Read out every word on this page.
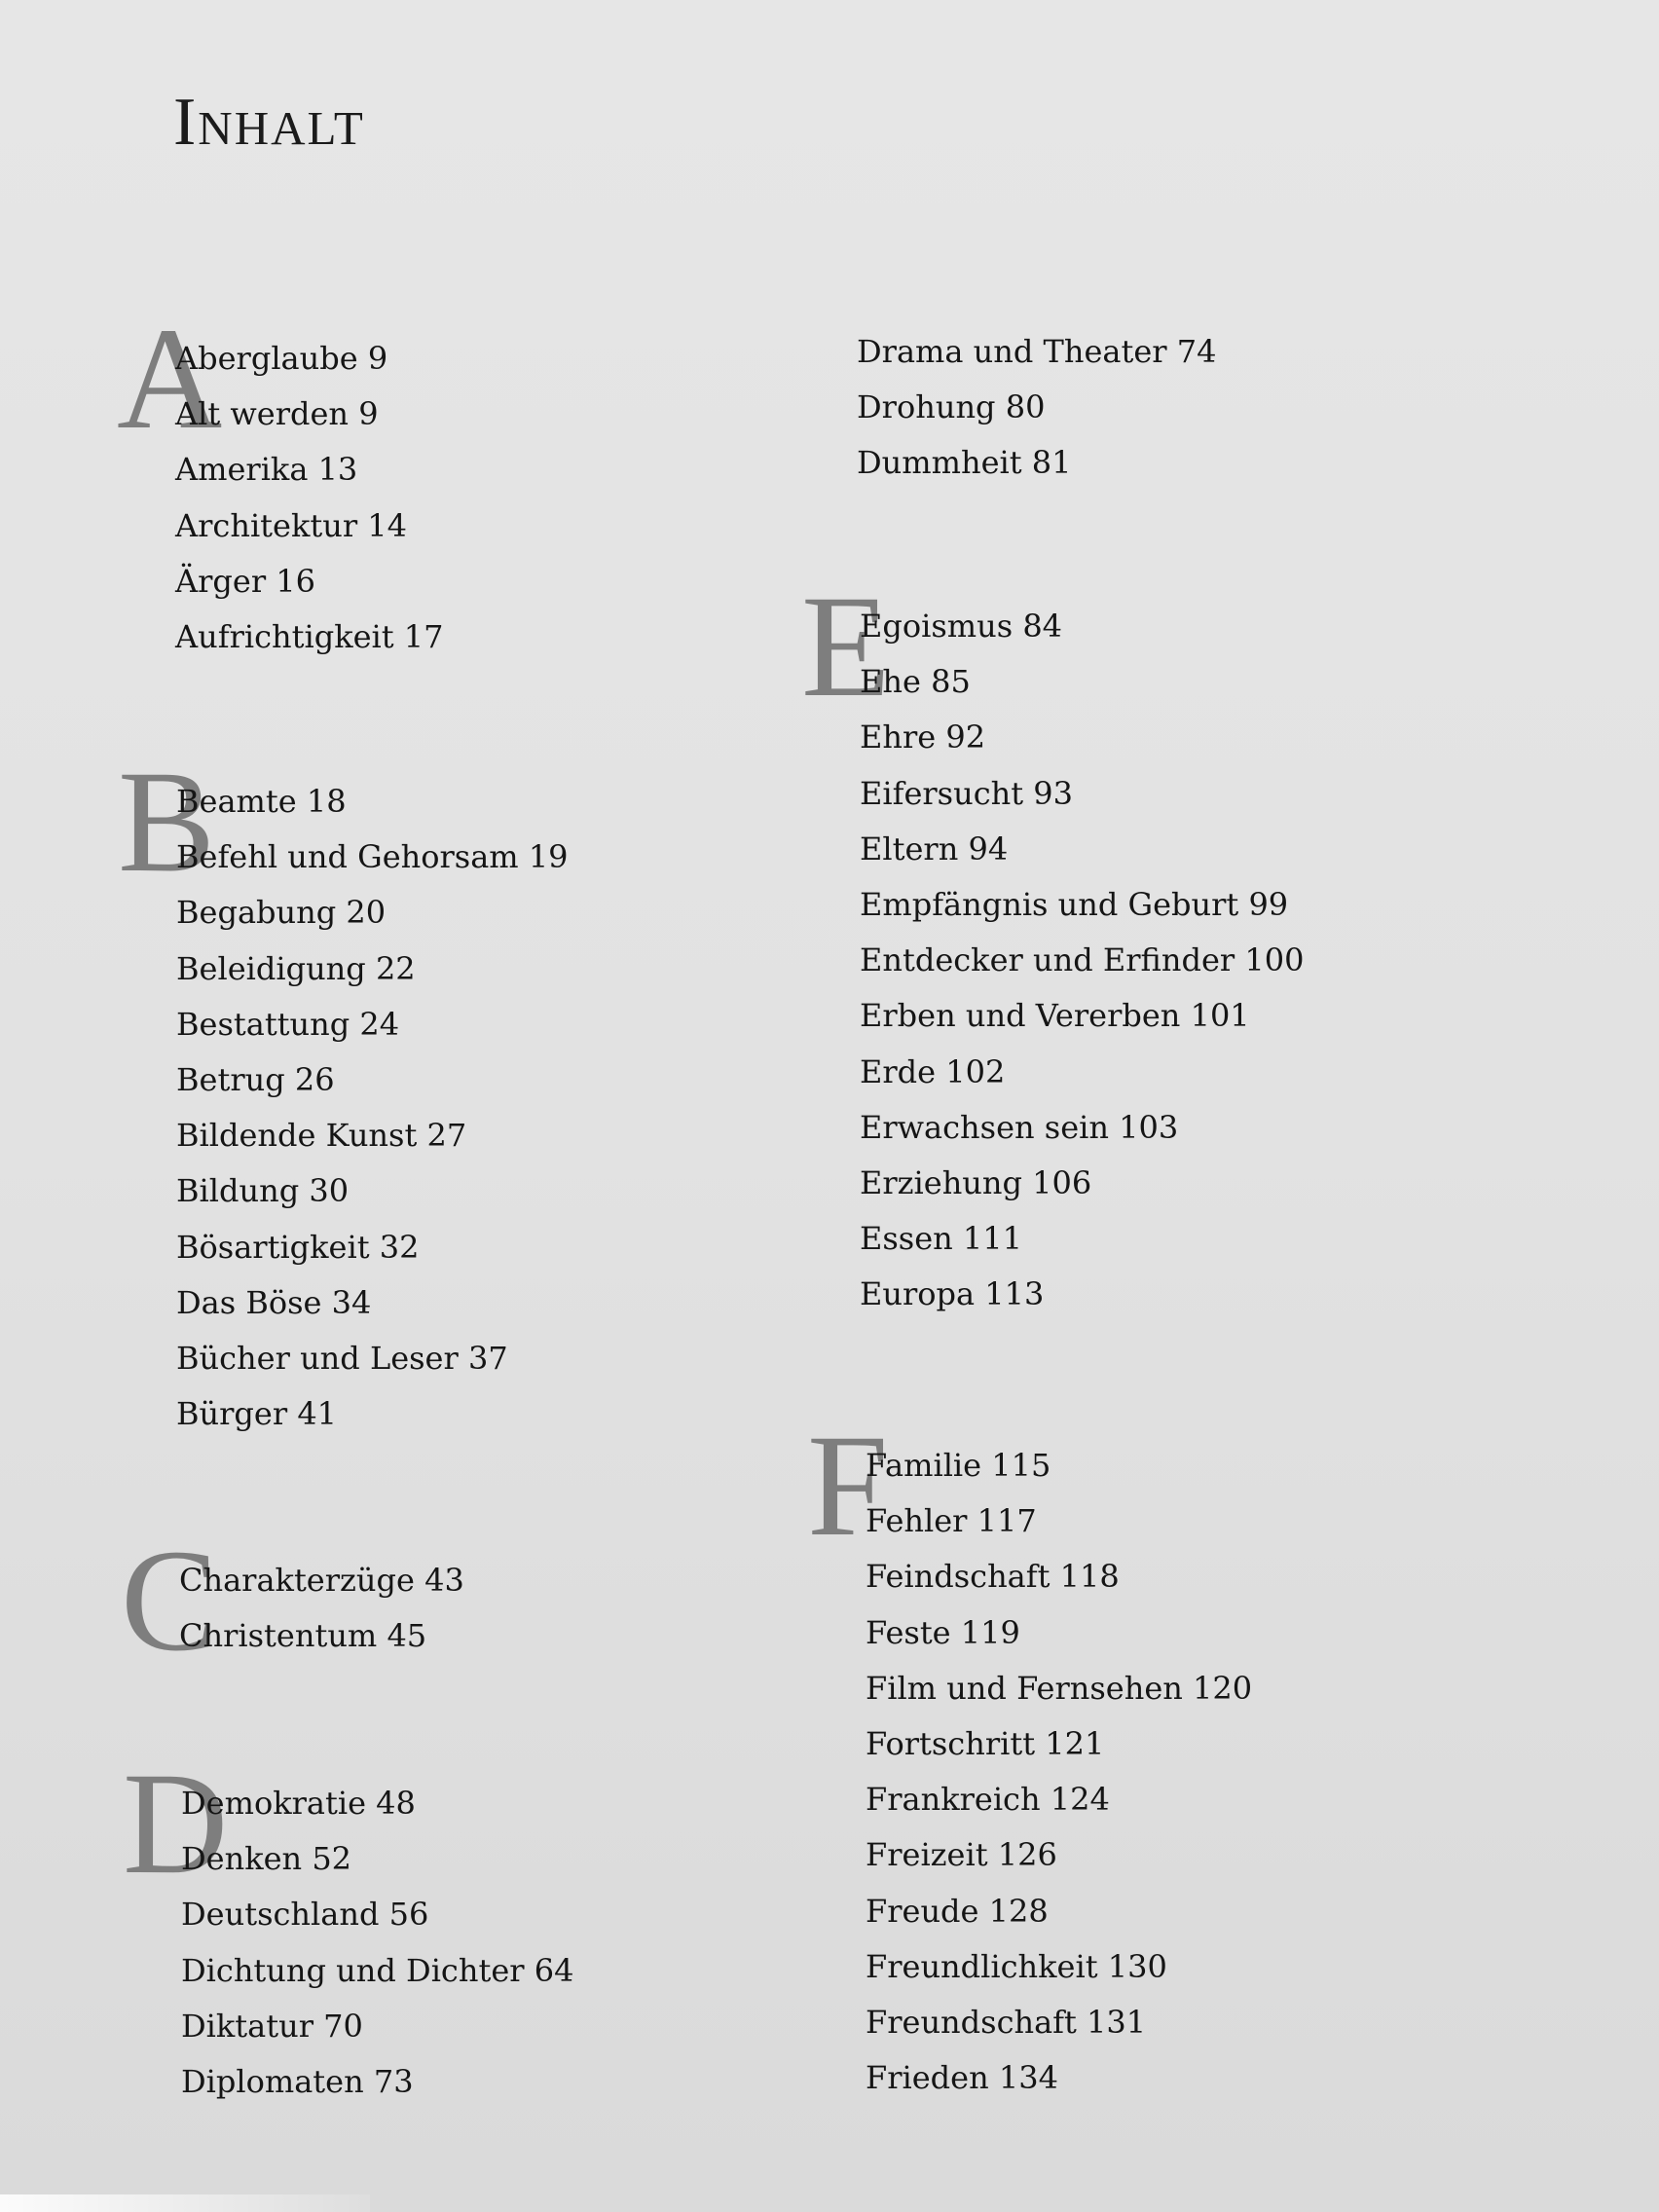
Inhalt
A
Aberglaube 9
Alt werden 9
Amerika 13
Architektur 14
Ärger 16
Aufrichtigkeit 17
B
Beamte 18
Befehl und Gehorsam 19
Begabung 20
Beleidigung 22
Bestattung 24
Betrug 26
Bildende Kunst 27
Bildung 30
Bösartigkeit 32
Das Böse 34
Bücher und Leser 37
Bürger 41
C
Charakterzüge 43
Christentum 45
D
Demokratie 48
Denken 52
Deutschland 56
Dichtung und Dichter 64
Diktatur 70
Diplomaten 73
Drama und Theater 74
Drohung 80
Dummheit 81
E
Egoismus 84
Ehe 85
Ehre 92
Eifersucht 93
Eltern 94
Empfängnis und Geburt 99
Entdecker und Erfinder 100
Erben und Vererben 101
Erde 102
Erwachsen sein 103
Erziehung 106
Essen 111
Europa 113
F
Familie 115
Fehler 117
Feindschaft 118
Feste 119
Film und Fernsehen 120
Fortschritt 121
Frankreich 124
Freizeit 126
Freude 128
Freundlichkeit 130
Freundschaft 131
Frieden 134
